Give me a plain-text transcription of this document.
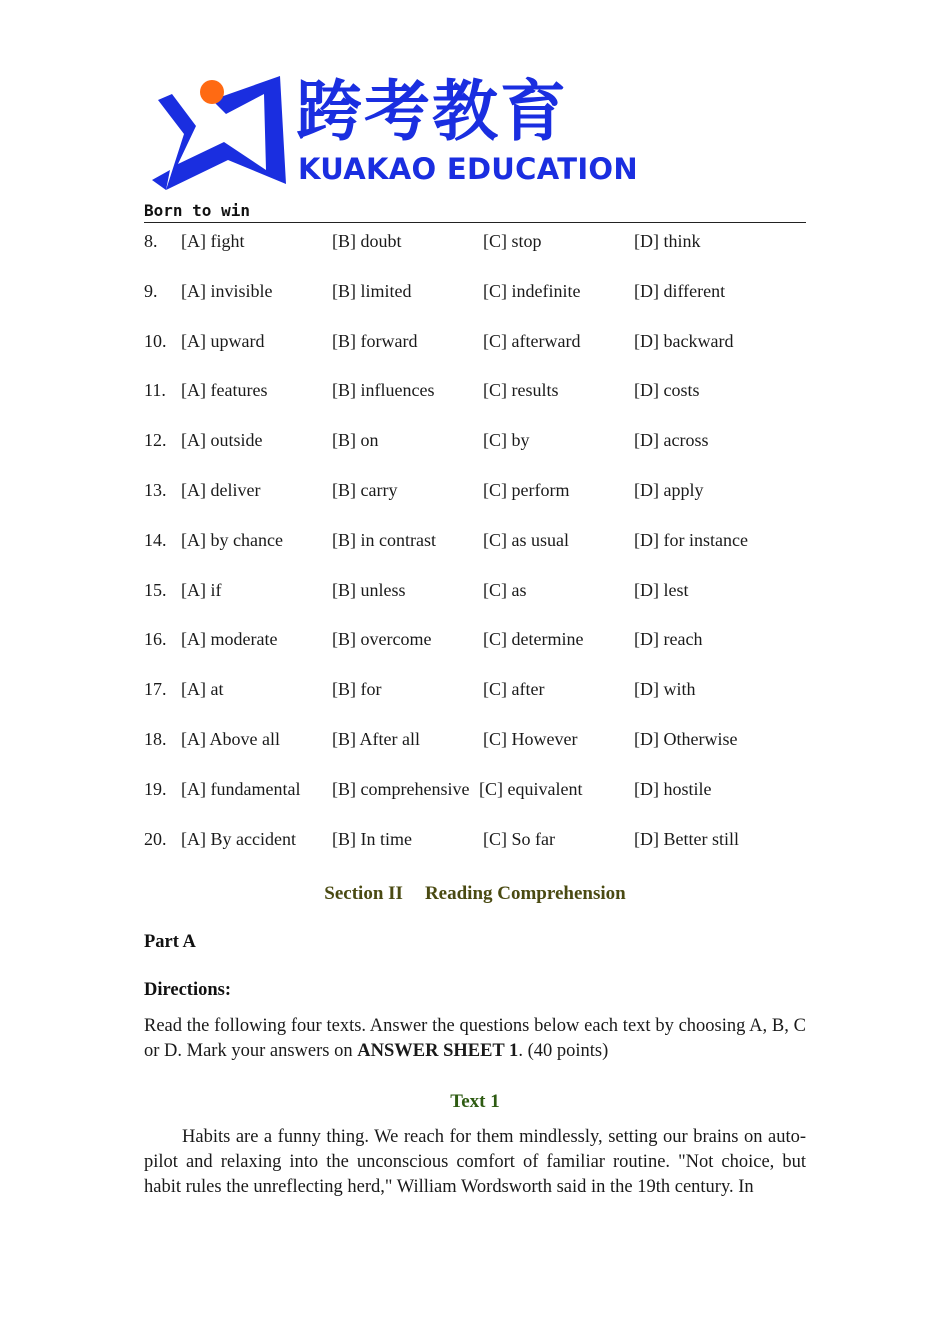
跨考教育
KUAKAO EDUCATION
Born to win
8. [A] fight	[B] doubt	[C] stop	[D] think
9. [A] invisible	[B] limited	[C] indefinite	[D] different
10. [A] upward	[B] forward	[C] afterward	[D] backward
11. [A] features	[B] influences	[C] results	[D] costs
12. [A] outside	[B] on	[C] by	[D] across
13. [A] deliver	[B] carry	[C] perform	[D] apply
14. [A] by chance	[B] in contrast	[C] as usual	[D] for instance
15. [A] if	[B] unless	[C] as	[D] lest
16. [A] moderate	[B] overcome	[C] determine	[D] reach
17. [A] at	[B] for	[C] after	[D] with
18. [A] Above all	[B] After all	[C] However	[D] Otherwise
19. [A] fundamental [B] comprehensive [C] equivalent	[D] hostile
20. [A] By accident [B] In time	[C] So far	[D] Better still
Section II Reading Comprehension
Part A
Directions:
Read the following four texts. Answer the questions below each text by choosing A, B, C or D. Mark your answers on ANSWER SHEET 1. (40 points)
Text 1
Habits are a funny thing. We reach for them mindlessly, setting our brains on auto-pilot and relaxing into the unconscious comfort of familiar routine. "Not choice, but habit rules the unreflecting herd," William Wordsworth said in the 19th century. In
